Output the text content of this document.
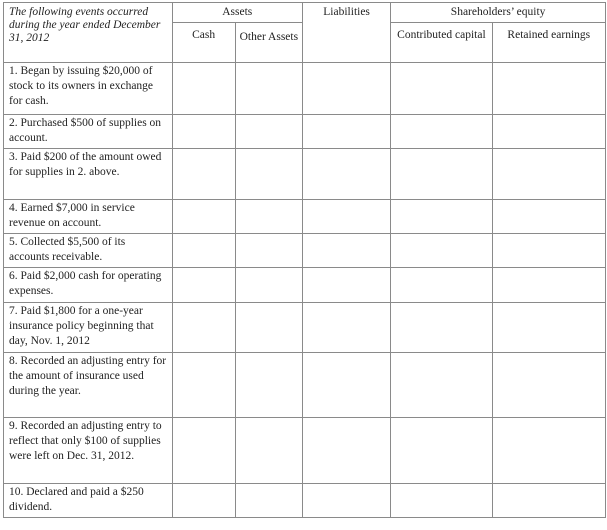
The following events occurred during the year ended December 31, 2012	Assets		Liabilities	Shareholders’ equity	
	Cash	Other Assets		Contributed capital	Retained earnings
1. Began by issuing $20,000 of stock to its owners in exchange for cash.					
2. Purchased $500 of supplies on account.					
3. Paid $200 of the amount owed for supplies in 2. above.					
4. Earned $7,000 in service revenue on account.					
5. Collected $5,500 of its accounts receivable.					
6. Paid $2,000 cash for operating expenses.					
7. Paid $1,800 for a one-year insurance policy beginning that day, Nov. 1, 2012					
8. Recorded an adjusting entry for the amount of insurance used during the year.					
9. Recorded an adjusting entry to reflect that only $100 of supplies were left on Dec. 31, 2012.					
10. Declared and paid a $250 dividend.					
